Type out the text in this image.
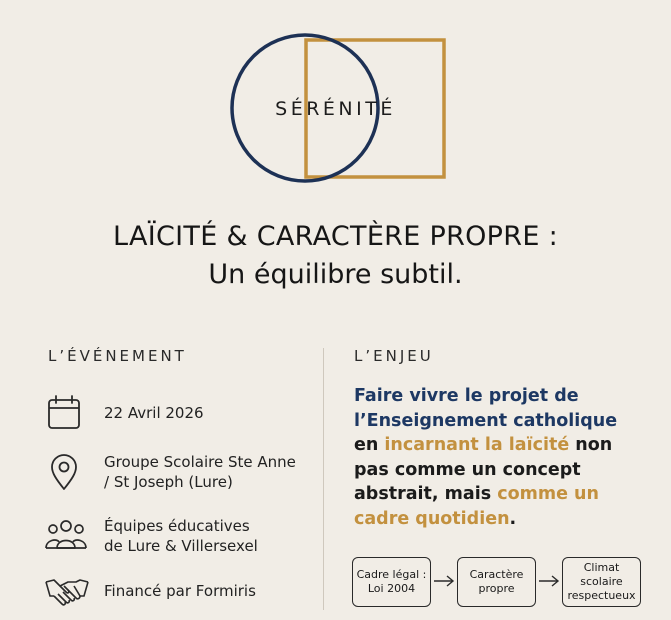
SÉRÉNITÉ
LAÏCITÉ & CARACTÈRE PROPRE :
Un équilibre subtil.
L’ÉVÉNEMENT
22 Avril 2026
Groupe Scolaire Ste Anne
/ St Joseph (Lure)
Équipes éducatives
de Lure & Villersexel
Financé par Formiris
L’ENJEU
Faire vivre le projet de
l’Enseignement catholique
en incarnant la laïcité non
pas comme un concept
abstrait, mais comme un
cadre quotidien.
Cadre légal :
Loi 2004
Caractère
propre
Climat
scolaire
respectueux
